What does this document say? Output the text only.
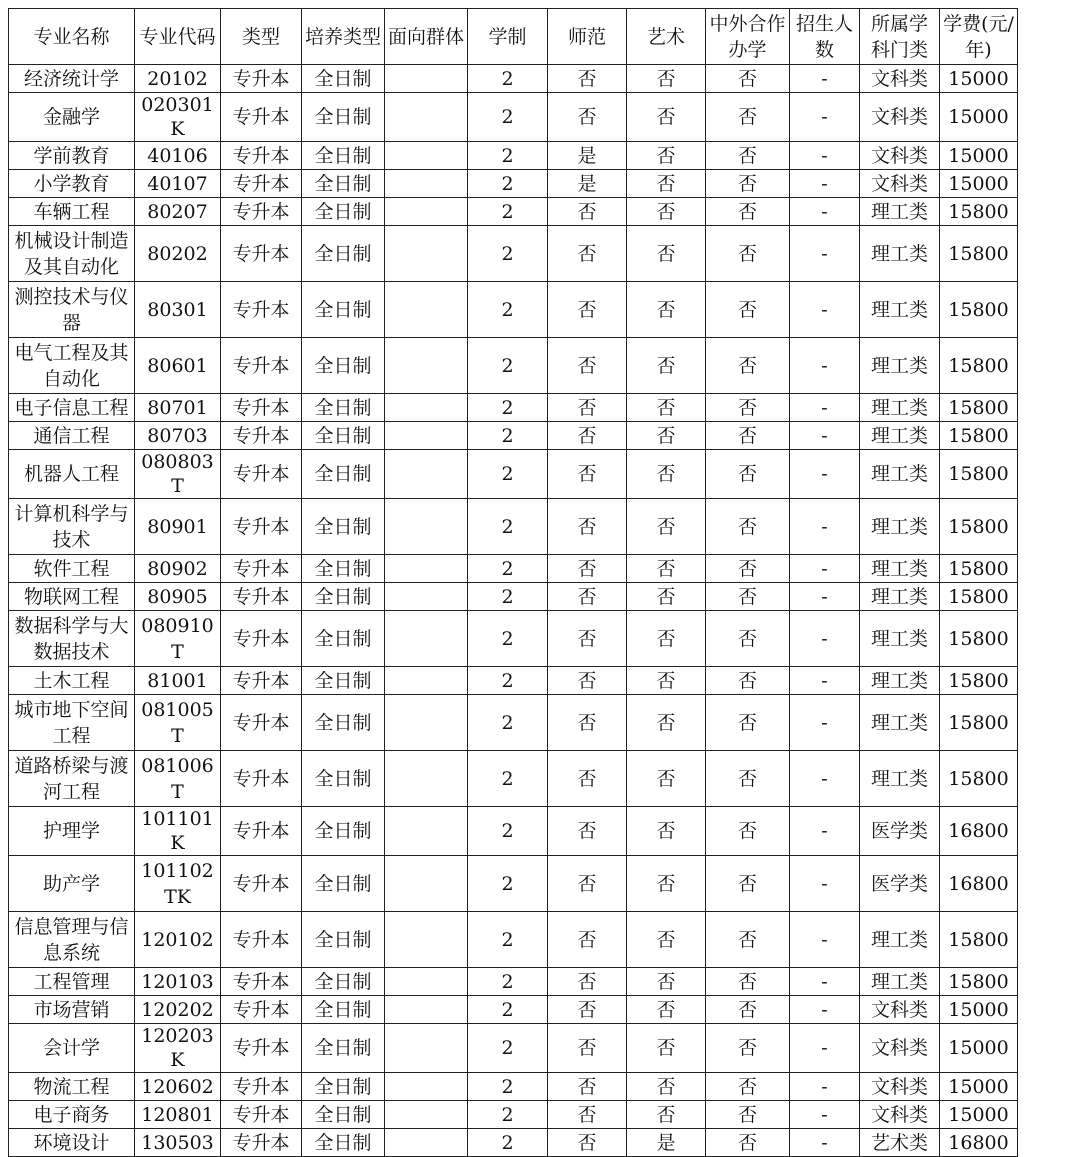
专业名称	专业代码	类型	培养类型	面向群体	学制	师范	艺术	中外合作办学	招生人数	所属学科门类	学费(元/年)
经济统计学	20102	专升本	全日制		2	否	否	否	-	文科类	15000
金融学	020301K	专升本	全日制		2	否	否	否	-	文科类	15000
学前教育	40106	专升本	全日制		2	是	否	否	-	文科类	15000
小学教育	40107	专升本	全日制		2	是	否	否	-	文科类	15000
车辆工程	80207	专升本	全日制		2	否	否	否	-	理工类	15800
机械设计制造及其自动化	80202	专升本	全日制		2	否	否	否	-	理工类	15800
测控技术与仪器	80301	专升本	全日制		2	否	否	否	-	理工类	15800
电气工程及其自动化	80601	专升本	全日制		2	否	否	否	-	理工类	15800
电子信息工程	80701	专升本	全日制		2	否	否	否	-	理工类	15800
通信工程	80703	专升本	全日制		2	否	否	否	-	理工类	15800
机器人工程	080803T	专升本	全日制		2	否	否	否	-	理工类	15800
计算机科学与技术	80901	专升本	全日制		2	否	否	否	-	理工类	15800
软件工程	80902	专升本	全日制		2	否	否	否	-	理工类	15800
物联网工程	80905	专升本	全日制		2	否	否	否	-	理工类	15800
数据科学与大数据技术	080910T	专升本	全日制		2	否	否	否	-	理工类	15800
土木工程	81001	专升本	全日制		2	否	否	否	-	理工类	15800
城市地下空间工程	081005T	专升本	全日制		2	否	否	否	-	理工类	15800
道路桥梁与渡河工程	081006T	专升本	全日制		2	否	否	否	-	理工类	15800
护理学	101101K	专升本	全日制		2	否	否	否	-	医学类	16800
助产学	101102TK	专升本	全日制		2	否	否	否	-	医学类	16800
信息管理与信息系统	120102	专升本	全日制		2	否	否	否	-	理工类	15800
工程管理	120103	专升本	全日制		2	否	否	否	-	理工类	15800
市场营销	120202	专升本	全日制		2	否	否	否	-	文科类	15000
会计学	120203K	专升本	全日制		2	否	否	否	-	文科类	15000
物流工程	120602	专升本	全日制		2	否	否	否	-	文科类	15000
电子商务	120801	专升本	全日制		2	否	否	否	-	文科类	15000
环境设计	130503	专升本	全日制		2	否	是	否	-	艺术类	16800
